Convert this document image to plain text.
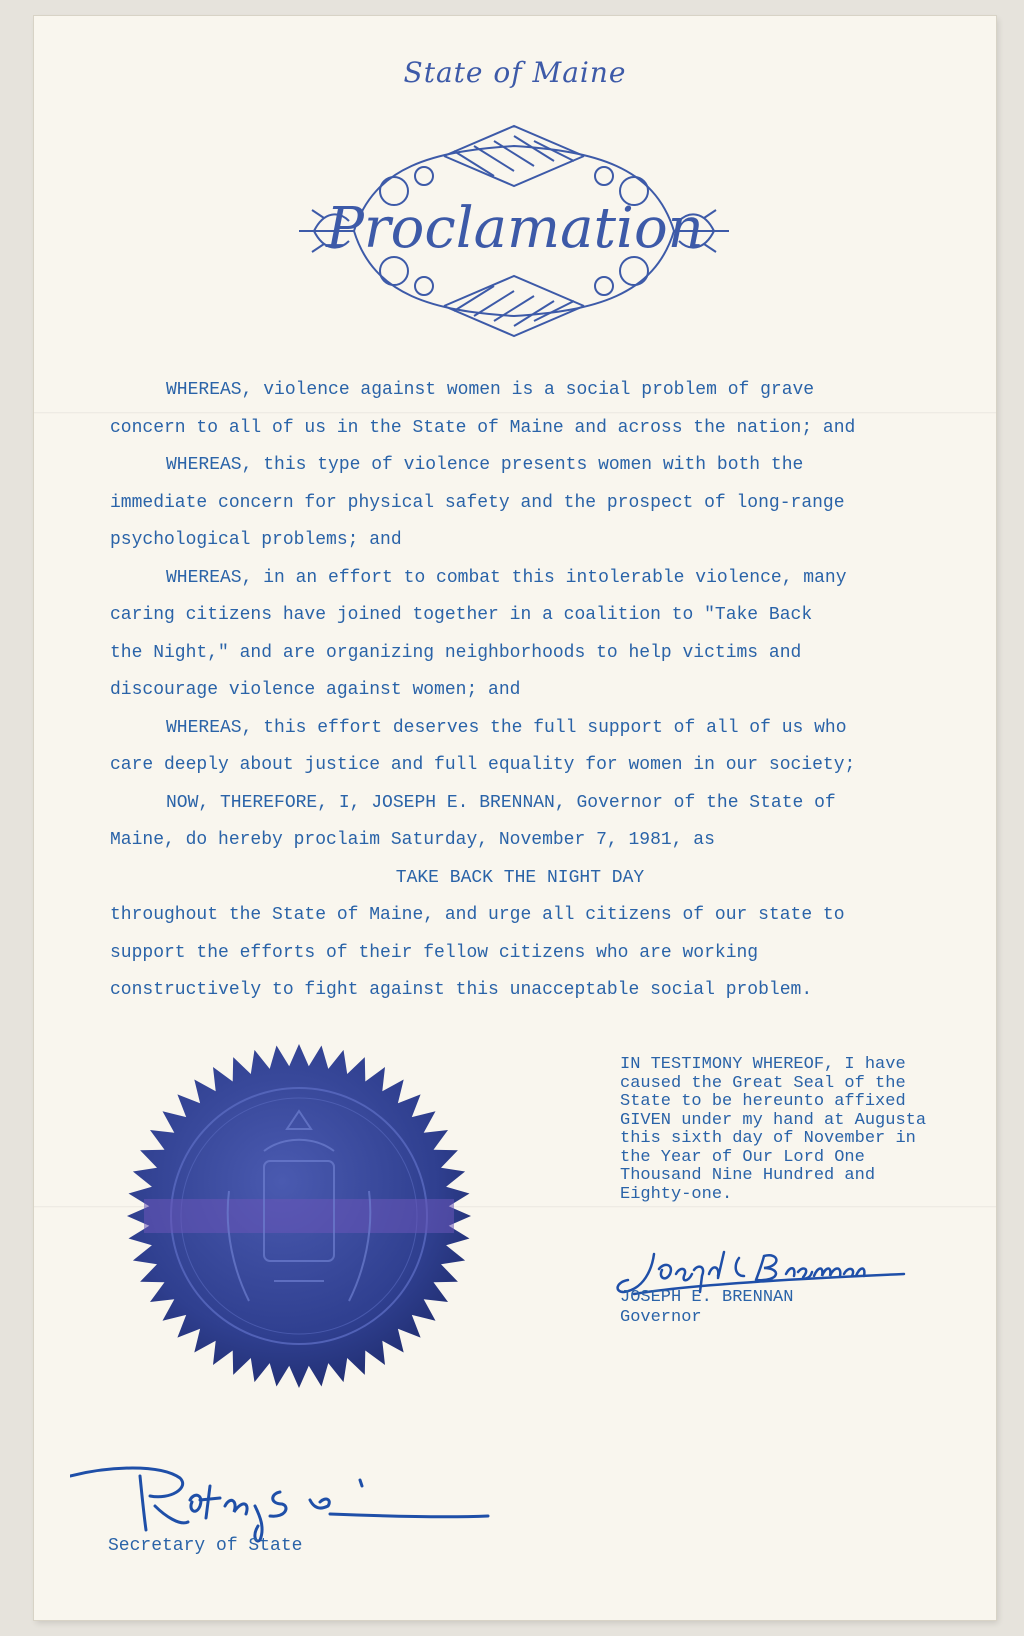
State of Maine
Proclamation

WHEREAS, violence against women is a social problem of grave

concern to all of us in the State of Maine and across the nation; and

WHEREAS, this type of violence presents women with both the

immediate concern for physical safety and the prospect of long-range

psychological problems; and

WHEREAS, in an effort to combat this intolerable violence, many

caring citizens have joined together in a coalition to "Take Back

the Night," and are organizing neighborhoods to help victims and

discourage violence against women; and

WHEREAS, this effort deserves the full support of all of us who

care deeply about justice and full equality for women in our society;

NOW, THEREFORE, I, JOSEPH E. BRENNAN, Governor of the State of

Maine, do hereby proclaim Saturday, November 7, 1981, as

TAKE BACK THE NIGHT DAY

throughout the State of Maine, and urge all citizens of our state to

support the efforts of their fellow citizens who are working

constructively to fight against this unacceptable social problem.

IN TESTIMONY WHEREOF, I have

caused the Great Seal of the

State to be hereunto affixed

GIVEN under my hand at Augusta

this sixth day of November in

the Year of Our Lord One

Thousand Nine Hundred and

Eighty-one.

JOSEPH E. BRENNAN
Governor
Secretary of State
